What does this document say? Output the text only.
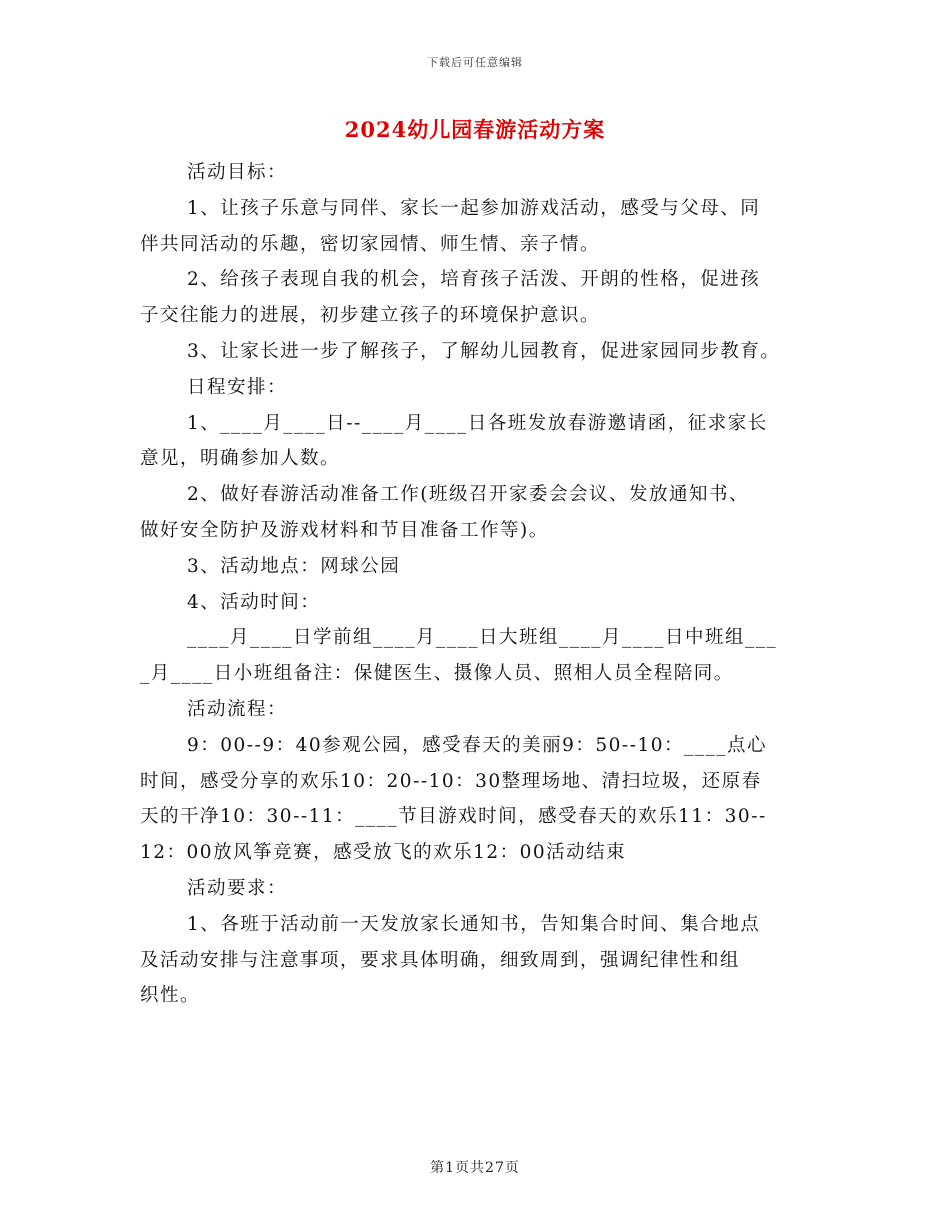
下载后可任意编辑
2024幼儿园春游活动方案

活动目标：

1、让孩子乐意与同伴、家长一起参加游戏活动，感受与父母、同

伴共同活动的乐趣，密切家园情、师生情、亲子情。

2、给孩子表现自我的机会，培育孩子活泼、开朗的性格，促进孩

子交往能力的进展，初步建立孩子的环境保护意识。

3、让家长进一步了解孩子，了解幼儿园教育，促进家园同步教育。

日程安排：

1、____月____日--____月____日各班发放春游邀请函，征求家长

意见，明确参加人数。

2、做好春游活动准备工作(班级召开家委会会议、发放通知书、

做好安全防护及游戏材料和节目准备工作等)。

3、活动地点：网球公园

4、活动时间：

____月____日学前组____月____日大班组____月____日中班组___

_月____日小班组备注：保健医生、摄像人员、照相人员全程陪同。

活动流程：

9：00--9：40参观公园，感受春天的美丽9：50--10：____点心

时间，感受分享的欢乐10：20--10：30整理场地、清扫垃圾，还原春

天的干净10：30--11：____节目游戏时间，感受春天的欢乐11：30--

12：00放风筝竞赛，感受放飞的欢乐12：00活动结束

活动要求：

1、各班于活动前一天发放家长通知书，告知集合时间、集合地点

及活动安排与注意事项，要求具体明确，细致周到，强调纪律性和组

织性。

第1页共27页
